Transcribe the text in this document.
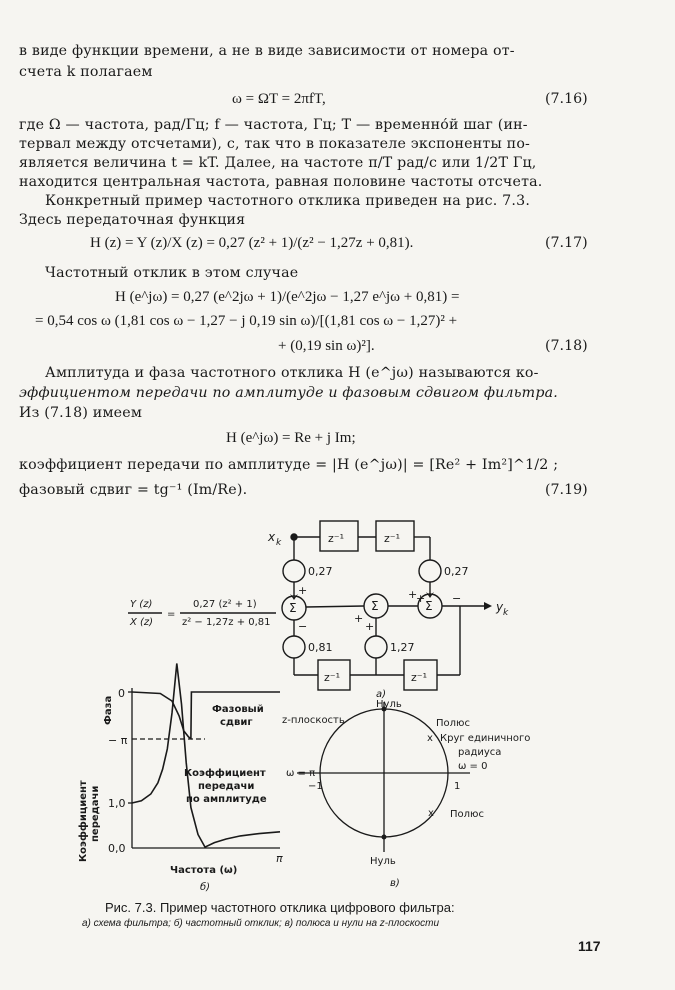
в виде функции времени, а не в виде зависимости от номера от-
счета k полагаем
ω = ΩT = 2πfT,	(7.16)
где Ω — частота, рад/Гц; f — частота, Гц; T — временно́й шаг (ин-
тервал между отсчетами), с, так что в показателе экспоненты по-
является величина t = kT. Далее, на частоте π/T рад/с или 1/2T Гц,
находится центральная частота, равная половине частоты отсчета.
Конкретный пример частотного отклика приведен на рис. 7.3.
Здесь передаточная функция
H (z) = Y (z)/X (z) = 0,27 (z² + 1)/(z² − 1,27z + 0,81).	(7.17)
Частотный отклик в этом случае
H (e^jω) = 0,27 (e^2jω + 1)/(e^2jω − 1,27 e^jω + 0,81) =
= 0,54 cos ω (1,81 cos ω − 1,27 − j 0,19 sin ω)/[(1,81 cos ω − 1,27)² +
+ (0,19 sin ω)²].	(7.18)
Амплитуда и фаза частотного отклика H (e^jω) называются ко-
эффициентом передачи по амплитуде и фазовым сдвигом фильтра.
Из (7.18) имеем
H (e^jω) = Re + j Im;
коэффициент передачи по амплитуде = |H (e^jω)| = [Re² + Im²]^1/2 ;
фазовый сдвиг = tg⁻¹ (Im/Re).	(7.19)
x k
y k
z⁻¹	z⁻¹
z⁻¹
z⁻¹
Σ	Σ	Σ
0,27	0,27
0,81	1,27
+
−
+
+
+
+ −
Y (z)
X (z)
=
0,27 (z² + 1)
z² − 1,27z + 0,81
а)
Фаза
Коэффициент передачи
0
− π
1,0
0,0
π
Частота (ω)
Фазовый
сдвиг
Коэффициент
передачи
по амплитуде
б)
z-плоскость
Нуль
Нуль
Полюс
Полюс
Круг единичного
радиуса
ω = π
ω = 0
−1	1
x
x
в)
Рис. 7.3. Пример частотного отклика цифрового фильтра:
а) схема фильтра; б) частотный отклик; в) полюса и нули на z-плоскости
117
